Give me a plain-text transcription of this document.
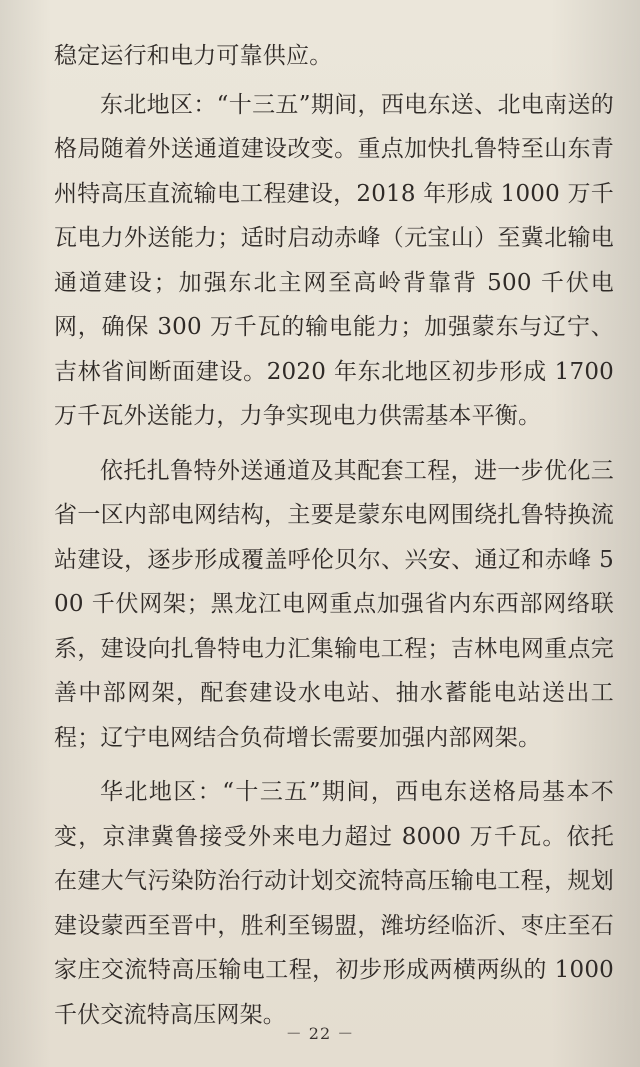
稳定运行和电力可靠供应。

东北地区：“十三五”期间，西电东送、北电南送的格局随着外送通道建设改变。重点加快扎鲁特至山东青州特高压直流输电工程建设，2018 年形成 1000 万千瓦电力外送能力；适时启动赤峰（元宝山）至冀北输电通道建设；加强东北主网至高岭背靠背 500 千伏电网，确保 300 万千瓦的输电能力；加强蒙东与辽宁、吉林省间断面建设。2020 年东北地区初步形成 1700 万千瓦外送能力，力争实现电力供需基本平衡。

依托扎鲁特外送通道及其配套工程，进一步优化三省一区内部电网结构，主要是蒙东电网围绕扎鲁特换流站建设，逐步形成覆盖呼伦贝尔、兴安、通辽和赤峰 500 千伏网架；黑龙江电网重点加强省内东西部网络联系，建设向扎鲁特电力汇集输电工程；吉林电网重点完善中部网架，配套建设水电站、抽水蓄能电站送出工程；辽宁电网结合负荷增长需要加强内部网架。

华北地区：“十三五”期间，西电东送格局基本不变，京津冀鲁接受外来电力超过 8000 万千瓦。依托在建大气污染防治行动计划交流特高压输电工程，规划建设蒙西至晋中，胜利至锡盟，潍坊经临沂、枣庄至石家庄交流特高压输电工程，初步形成两横两纵的 1000 千伏交流特高压网架。

－ 22 －
